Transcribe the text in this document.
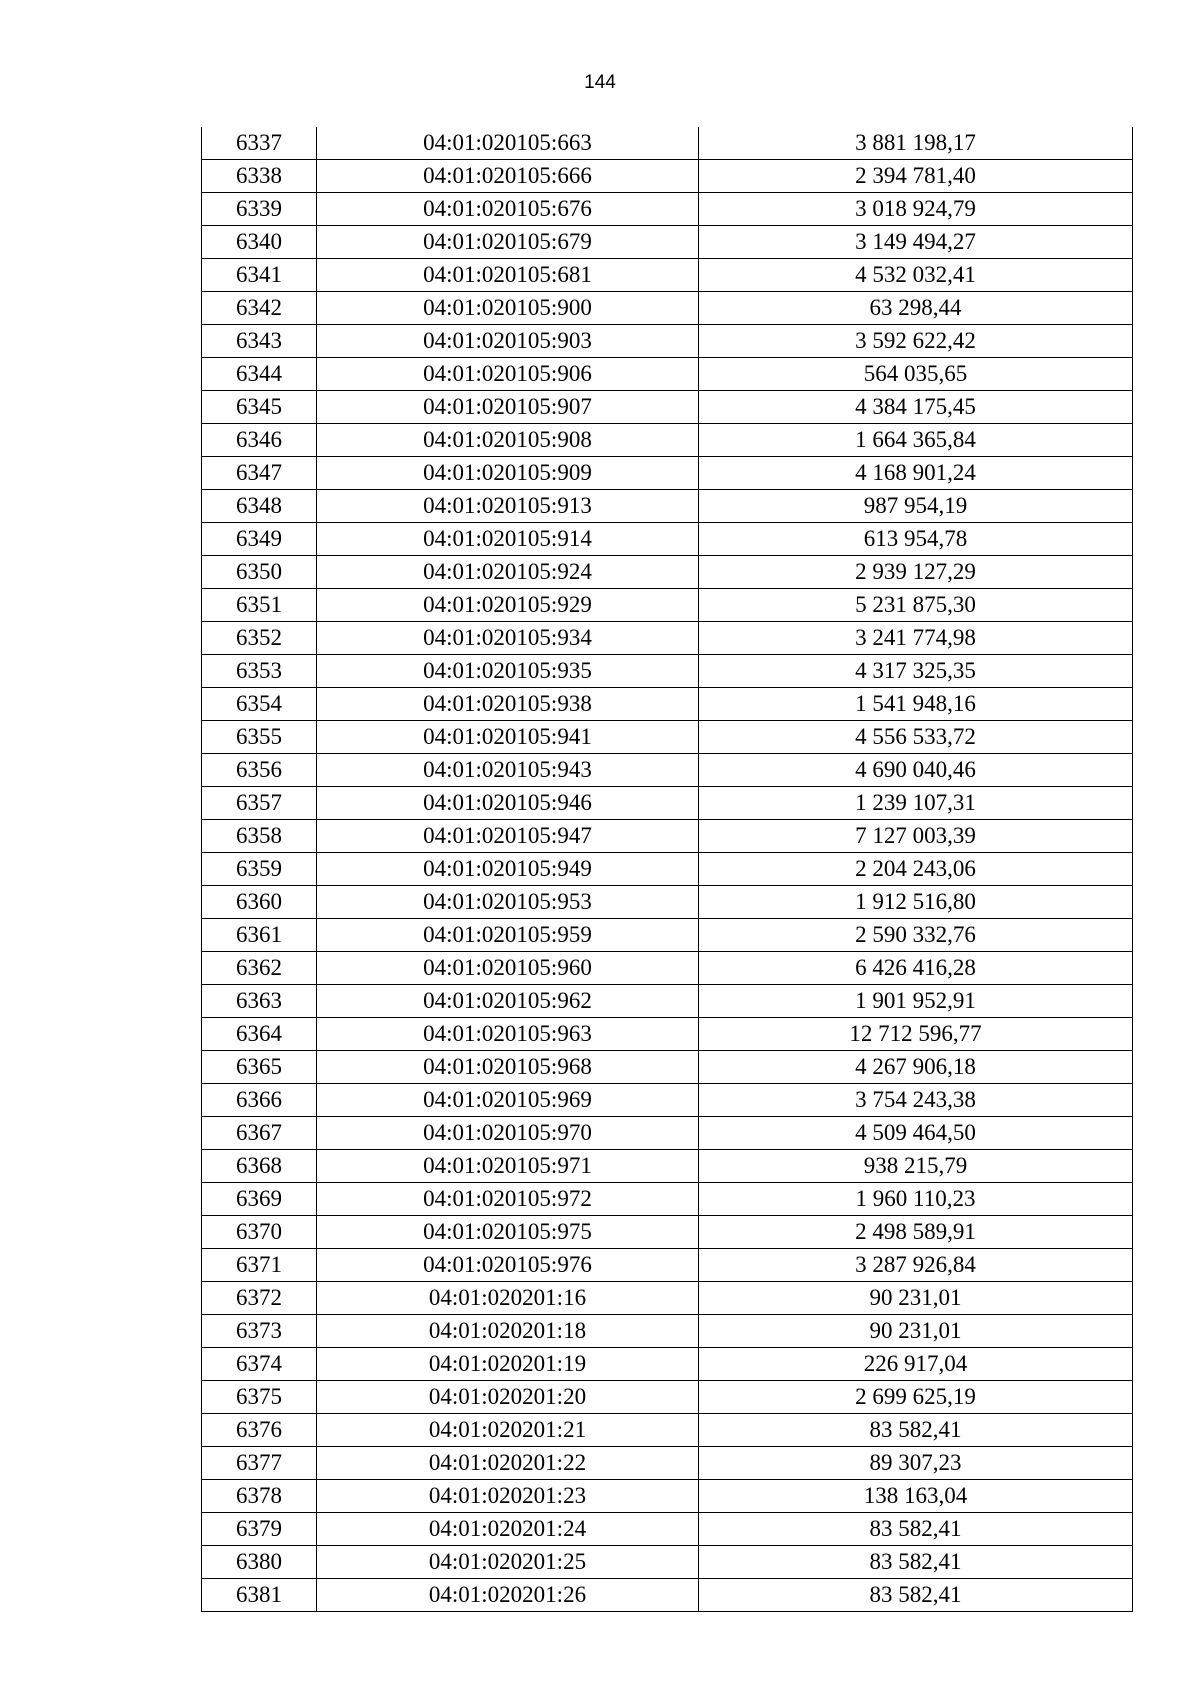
144
6337	04:01:020105:663	3 881 198,17
6338	04:01:020105:666	2 394 781,40
6339	04:01:020105:676	3 018 924,79
6340	04:01:020105:679	3 149 494,27
6341	04:01:020105:681	4 532 032,41
6342	04:01:020105:900	63 298,44
6343	04:01:020105:903	3 592 622,42
6344	04:01:020105:906	564 035,65
6345	04:01:020105:907	4 384 175,45
6346	04:01:020105:908	1 664 365,84
6347	04:01:020105:909	4 168 901,24
6348	04:01:020105:913	987 954,19
6349	04:01:020105:914	613 954,78
6350	04:01:020105:924	2 939 127,29
6351	04:01:020105:929	5 231 875,30
6352	04:01:020105:934	3 241 774,98
6353	04:01:020105:935	4 317 325,35
6354	04:01:020105:938	1 541 948,16
6355	04:01:020105:941	4 556 533,72
6356	04:01:020105:943	4 690 040,46
6357	04:01:020105:946	1 239 107,31
6358	04:01:020105:947	7 127 003,39
6359	04:01:020105:949	2 204 243,06
6360	04:01:020105:953	1 912 516,80
6361	04:01:020105:959	2 590 332,76
6362	04:01:020105:960	6 426 416,28
6363	04:01:020105:962	1 901 952,91
6364	04:01:020105:963	12 712 596,77
6365	04:01:020105:968	4 267 906,18
6366	04:01:020105:969	3 754 243,38
6367	04:01:020105:970	4 509 464,50
6368	04:01:020105:971	938 215,79
6369	04:01:020105:972	1 960 110,23
6370	04:01:020105:975	2 498 589,91
6371	04:01:020105:976	3 287 926,84
6372	04:01:020201:16	90 231,01
6373	04:01:020201:18	90 231,01
6374	04:01:020201:19	226 917,04
6375	04:01:020201:20	2 699 625,19
6376	04:01:020201:21	83 582,41
6377	04:01:020201:22	89 307,23
6378	04:01:020201:23	138 163,04
6379	04:01:020201:24	83 582,41
6380	04:01:020201:25	83 582,41
6381	04:01:020201:26	83 582,41
